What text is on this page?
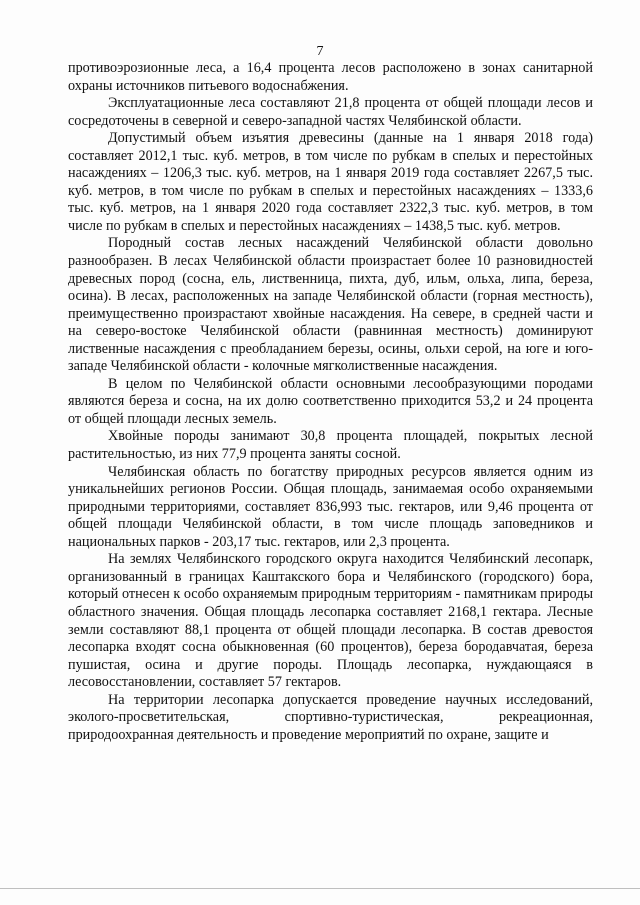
7

противоэрозионные леса, а 16,4 процента лесов расположено в зонах санитарной охраны источников питьевого водоснабжения.

Эксплуатационные леса составляют 21,8 процента от общей площади лесов и сосредоточены в северной и северо-западной частях Челябинской области.

Допустимый объем изъятия древесины (данные на 1 января 2018 года) составляет 2012,1 тыс. куб. метров, в том числе по рубкам в спелых и перестойных насаждениях – 1206,3 тыс. куб. метров, на 1 января 2019 года составляет 2267,5 тыс. куб. метров, в том числе по рубкам в спелых и перестойных насаждениях – 1333,6 тыс. куб. метров, на 1 января 2020 года составляет 2322,3 тыс. куб. метров, в том числе по рубкам в спелых и перестойных насаждениях – 1438,5 тыс. куб. метров.

Породный состав лесных насаждений Челябинской области довольно разнообразен. В лесах Челябинской области произрастает более 10 разновидностей древесных пород (сосна, ель, лиственница, пихта, дуб, ильм, ольха, липа, береза, осина). В лесах, расположенных на западе Челябинской области (горная местность), преимущественно произрастают хвойные насаждения. На севере, в средней части и на северо-востоке Челябинской области (равнинная местность) доминируют лиственные насаждения с преобладанием березы, осины, ольхи серой, на юге и юго-западе Челябинской области - колочные мягколиственные насаждения.

В целом по Челябинской области основными лесообразующими породами являются береза и сосна, на их долю соответственно приходится 53,2 и 24 процента от общей площади лесных земель.

Хвойные породы занимают 30,8 процента площадей, покрытых лесной растительностью, из них 77,9 процента заняты сосной.

Челябинская область по богатству природных ресурсов является одним из уникальнейших регионов России. Общая площадь, занимаемая особо охраняемыми природными территориями, составляет 836,993 тыс. гектаров, или 9,46 процента от общей площади Челябинской области, в том числе площадь заповедников и национальных парков - 203,17 тыс. гектаров, или 2,3 процента.

На землях Челябинского городского округа находится Челябинский лесопарк, организованный в границах Каштакского бора и Челябинского (городского) бора, который отнесен к особо охраняемым природным территориям - памятникам природы областного значения. Общая площадь лесопарка составляет 2168,1 гектара. Лесные земли составляют 88,1 процента от общей площади лесопарка. В состав древостоя лесопарка входят сосна обыкновенная (60 процентов), береза бородавчатая, береза пушистая, осина и другие породы. Площадь лесопарка, нуждающаяся в лесовосстановлении, составляет 57 гектаров.

На территории лесопарка допускается проведение научных исследований, эколого-просветительская, спортивно-туристическая, рекреационная, природоохранная деятельность и проведение мероприятий по охране, защите и
